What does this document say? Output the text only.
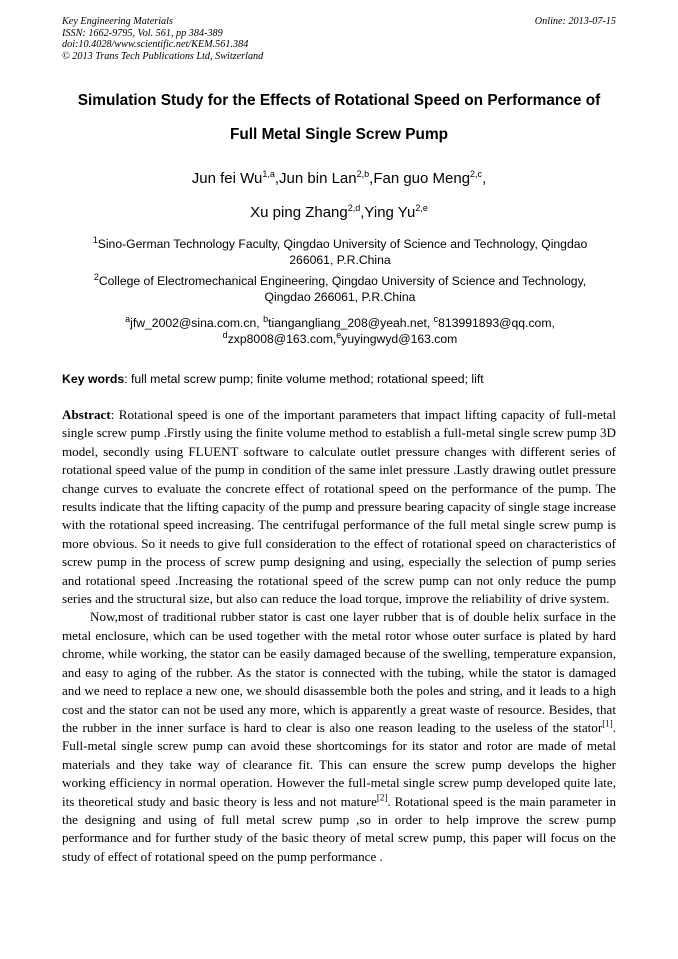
Key Engineering Materials
ISSN: 1662-9795, Vol. 561, pp 384-389
doi:10.4028/www.scientific.net/KEM.561.384
© 2013 Trans Tech Publications Ltd, Switzerland
Online: 2013-07-15
Simulation Study for the Effects of Rotational Speed on Performance of
Full Metal Single Screw Pump
Jun fei Wu$^{1,a}$,Jun bin Lan$^{2,b}$,Fan guo Meng$^{2,c}$,
Xu ping Zhang$^{2,d}$,Ying Yu$^{2,e}$
$^1$Sino-German Technology Faculty, Qingdao University of Science and Technology, Qingdao 266061, P.R.China
$^2$College of Electromechanical Engineering, Qingdao University of Science and Technology, Qingdao 266061, P.R.China
$^a$jfw_2002@sina.com.cn, $^b$tiangangliang_208@yeah.net, $^c$813991893@qq.com,
$^d$zxp8008@163.com,$^e$yuyingwyd@163.com
Key words: full metal screw pump; finite volume method; rotational speed; lift

Abstract: Rotational speed is one of the important parameters that impact lifting capacity of full-metal single screw pump .Firstly using the finite volume method to establish a full-metal single screw pump 3D model, secondly using FLUENT software to calculate outlet pressure changes with different series of rotational speed value of the pump in condition of the same inlet pressure .Lastly drawing outlet pressure change curves to evaluate the concrete effect of rotational speed on the performance of the pump. The results indicate that the lifting capacity of the pump and pressure bearing capacity of single stage increase with the rotational speed increasing. The centrifugal performance of the full metal single screw pump is more obvious. So it needs to give full consideration to the effect of rotational speed on characteristics of screw pump in the process of screw pump designing and using, especially the selection of pump series and rotational speed .Increasing the rotational speed of the screw pump can not only reduce the pump series and the structural size, but also can reduce the load torque, improve the reliability of drive system.

Now,most of traditional rubber stator is cast one layer rubber that is of double helix surface in the metal enclosure, which can be used together with the metal rotor whose outer surface is plated by hard chrome, while working, the stator can be easily damaged because of the swelling, temperature expansion, and easy to aging of the rubber. As the stator is connected with the tubing, while the stator is damaged and we need to replace a new one, we should disassemble both the poles and string, and it leads to a high cost and the stator can not be used any more, which is apparently a great waste of resource. Besides, that the rubber in the inner surface is hard to clear is also one reason leading to the useless of the stator[1]. Full-metal single screw pump can avoid these shortcomings for its stator and rotor are made of metal materials and they take way of clearance fit. This can ensure the screw pump develops the higher working efficiency in normal operation. However the full-metal single screw pump developed quite late, its theoretical study and basic theory is less and not mature[2]. Rotational speed is the main parameter in the designing and using of full metal screw pump ,so in order to help improve the screw pump performance and for further study of the basic theory of metal screw pump, this paper will focus on the study of effect of rotational speed on the pump performance .
